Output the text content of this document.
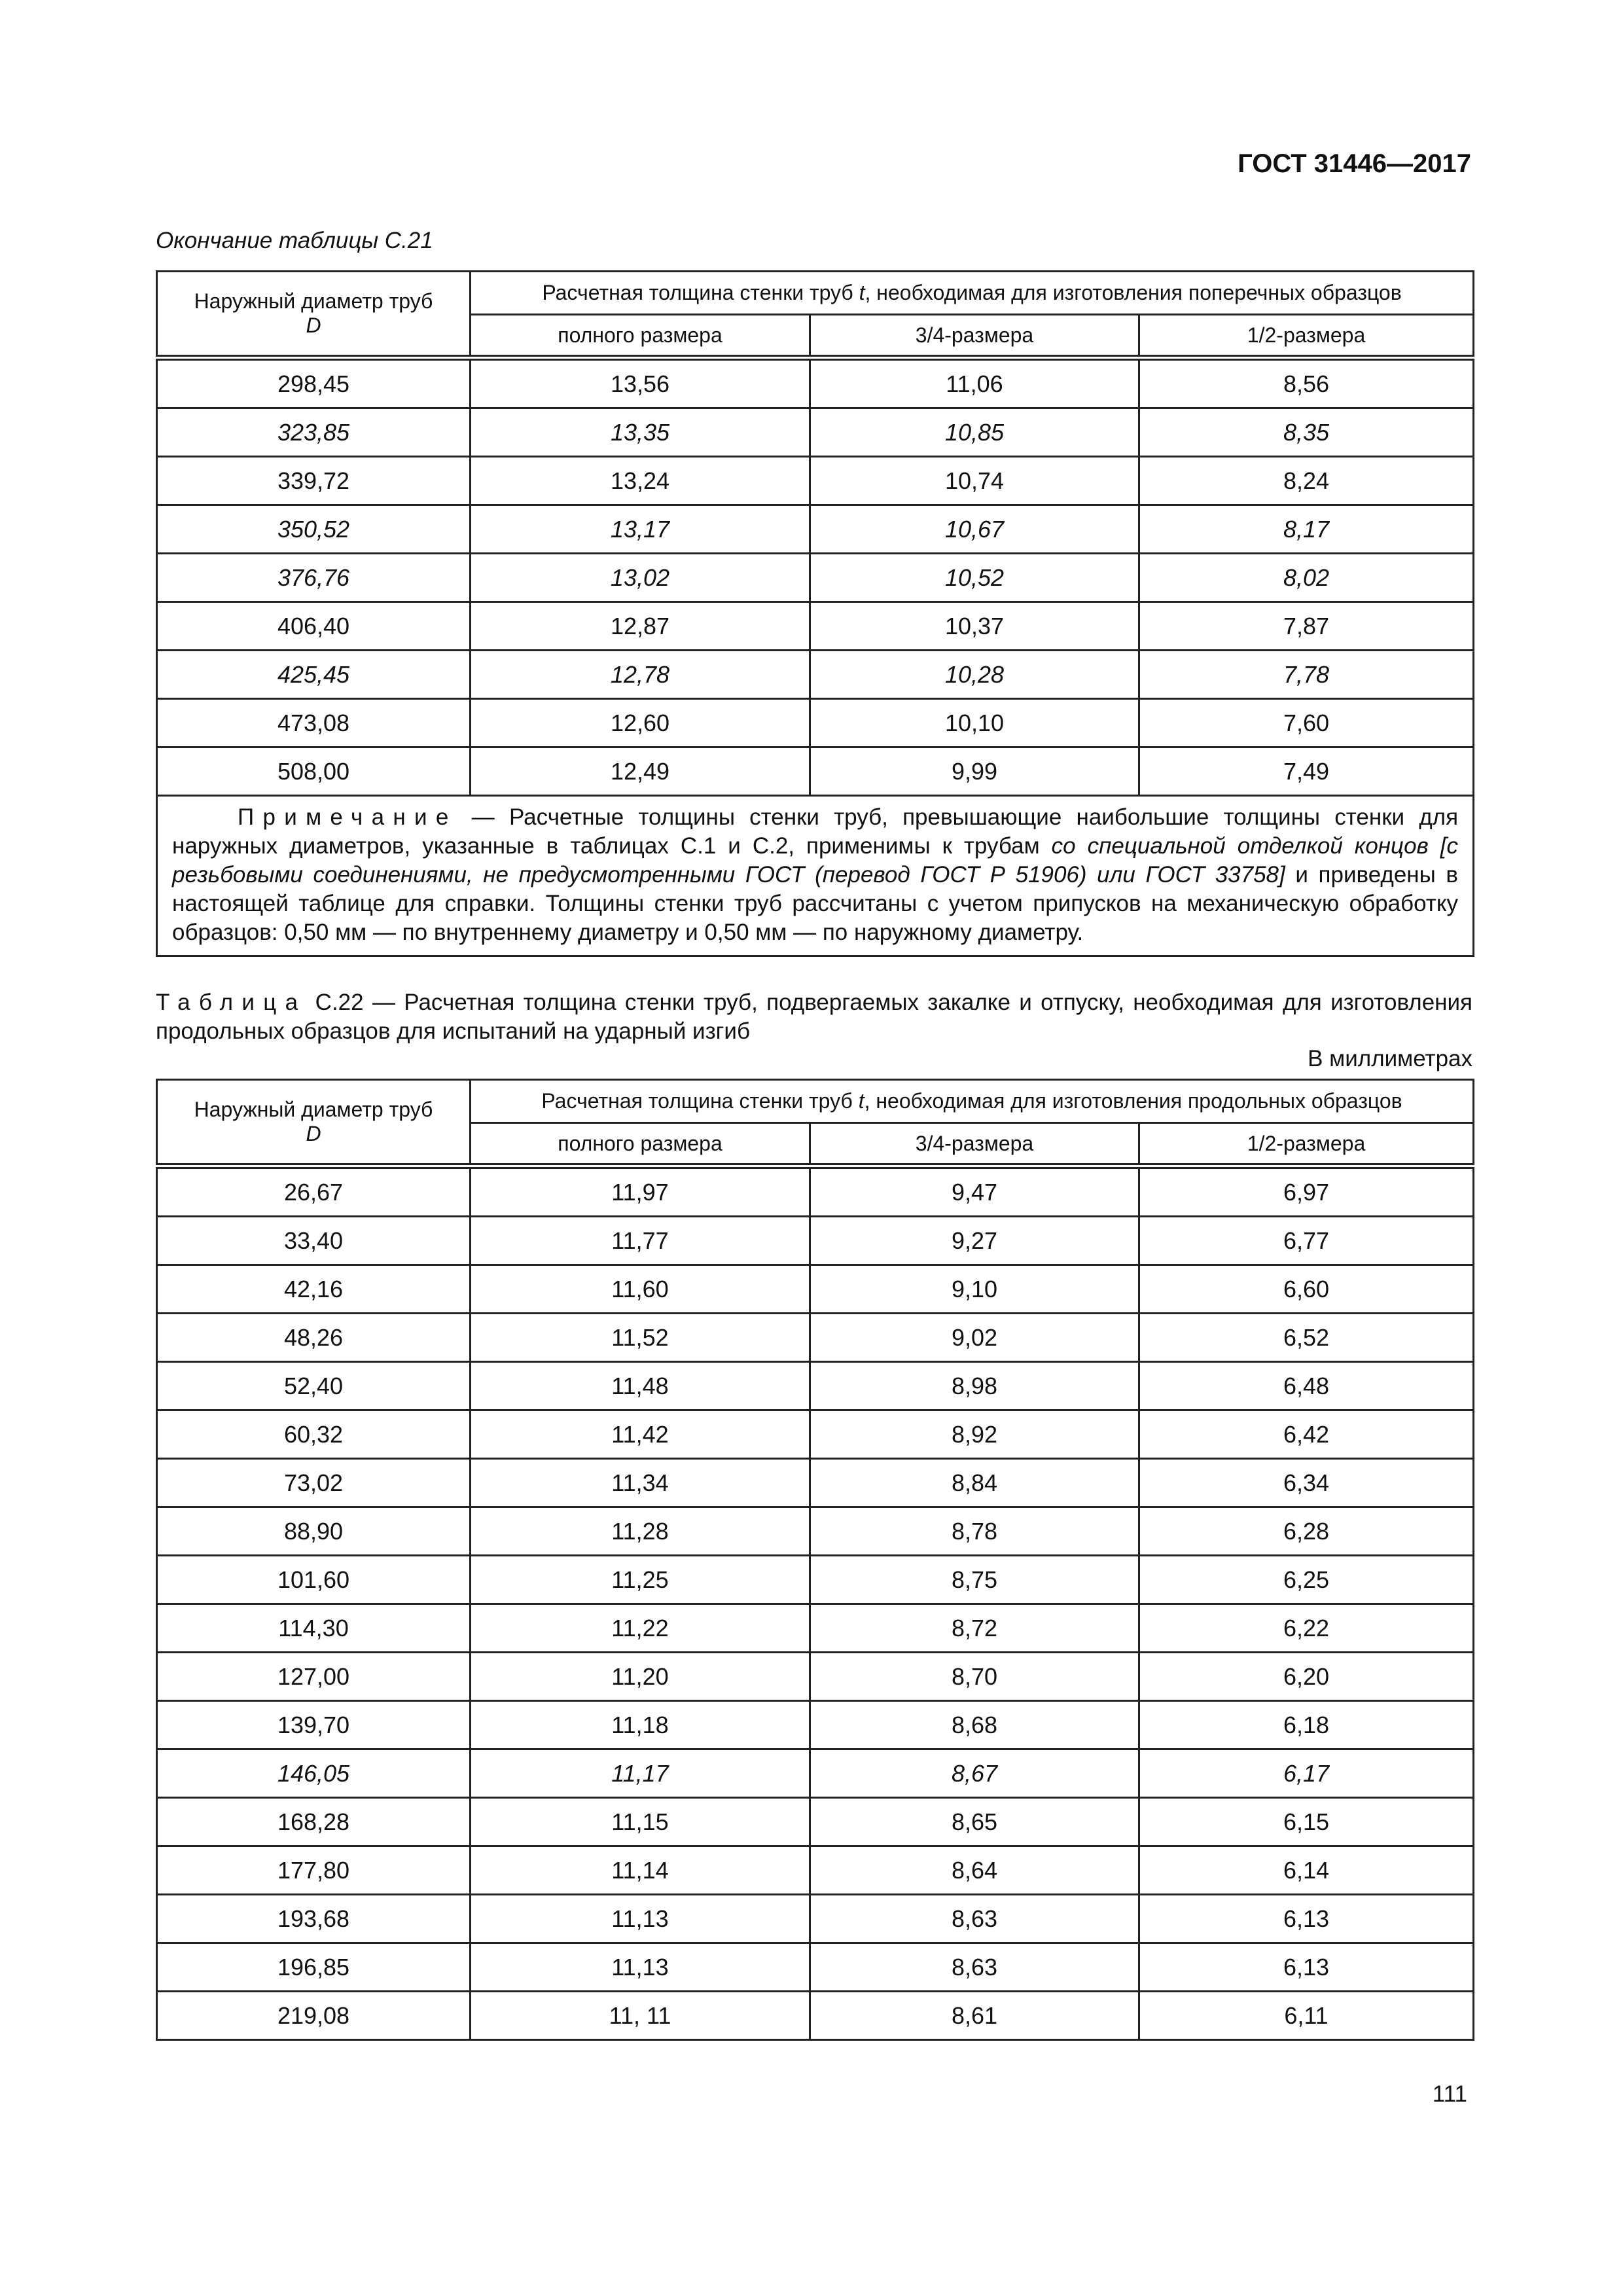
ГОСТ 31446—2017
Окончание таблицы С.21
Наружный диаметр труб
D	Расчетная толщина стенки труб t, необходимая для изготовления поперечных образцов		
	полного размера	3/4-размера	1/2-размера
298,45	13,56	11,06	8,56
323,85	13,35	10,85	8,35
339,72	13,24	10,74	8,24
350,52	13,17	10,67	8,17
376,76	13,02	10,52	8,02
406,40	12,87	10,37	7,87
425,45	12,78	10,28	7,78
473,08	12,60	10,10	7,60
508,00	12,49	9,99	7,49
Примечание — Расчетные толщины стенки труб, превышающие наибольшие толщины стенки для наружных диаметров, указанные в таблицах С.1 и С.2, применимы к трубам со специальной отделкой концов [с резьбовыми соединениями, не предусмотренными ГОСТ (перевод ГОСТ Р 51906) или ГОСТ 33758] и приведены в настоящей таблице для справки. Толщины стенки труб рассчитаны с учетом припусков на механическую обработку образцов: 0,50 мм — по внутреннему диаметру и 0,50 мм — по наружному диаметру.			
Таблица С.22 — Расчетная толщина стенки труб, подвергаемых закалке и отпуску, необходимая для изготовления продольных образцов для испытаний на ударный изгиб
В миллиметрах
Наружный диаметр труб
D	Расчетная толщина стенки труб t, необходимая для изготовления продольных образцов		
	полного размера	3/4-размера	1/2-размера
26,67	11,97	9,47	6,97
33,40	11,77	9,27	6,77
42,16	11,60	9,10	6,60
48,26	11,52	9,02	6,52
52,40	11,48	8,98	6,48
60,32	11,42	8,92	6,42
73,02	11,34	8,84	6,34
88,90	11,28	8,78	6,28
101,60	11,25	8,75	6,25
114,30	11,22	8,72	6,22
127,00	11,20	8,70	6,20
139,70	11,18	8,68	6,18
146,05	11,17	8,67	6,17
168,28	11,15	8,65	6,15
177,80	11,14	8,64	6,14
193,68	11,13	8,63	6,13
196,85	11,13	8,63	6,13
219,08	11, 11	8,61	6,11
111
